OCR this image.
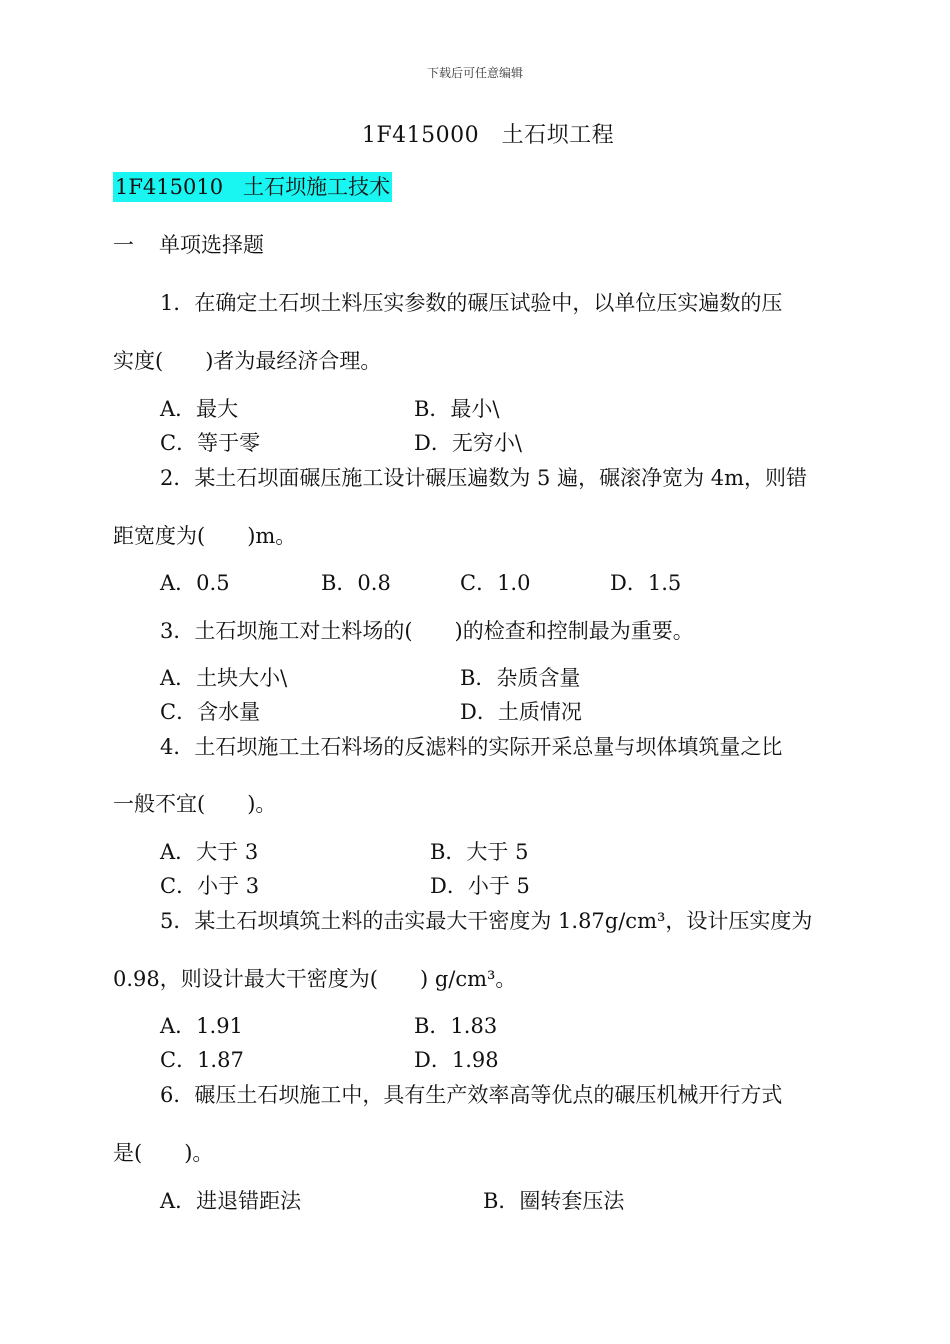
下载后可任意编辑
1F415000 土石坝工程
1F415010 土石坝施工技术
一 单项选择题
1．在确定土石坝土料压实参数的碾压试验中，以单位压实遍数的压
实度(　　)者为最经济合理。
A．最大	B．最小\
C．等于零	D．无穷小\
2．某土石坝面碾压施工设计碾压遍数为 5 遍，碾滚净宽为 4m，则错
距宽度为(　　)m。
A．0.5	B．0.8	C．1.0	D．1.5
3．土石坝施工对土料场的(　　)的检查和控制最为重要。
A．土块大小\	B．杂质含量
C．含水量	D．土质情况
4．土石坝施工土石料场的反滤料的实际开采总量与坝体填筑量之比
一般不宜(　　)。
A．大于 3	B．大于 5
C．小于 3	D．小于 5
5．某土石坝填筑土料的击实最大干密度为 1.87g/cm³，设计压实度为
0.98，则设计最大干密度为(　　) g/cm³。
A．1.91	B．1.83
C．1.87	D．1.98
6．碾压土石坝施工中，具有生产效率高等优点的碾压机械开行方式
是(　　)。
A．进退错距法	B．圈转套压法
